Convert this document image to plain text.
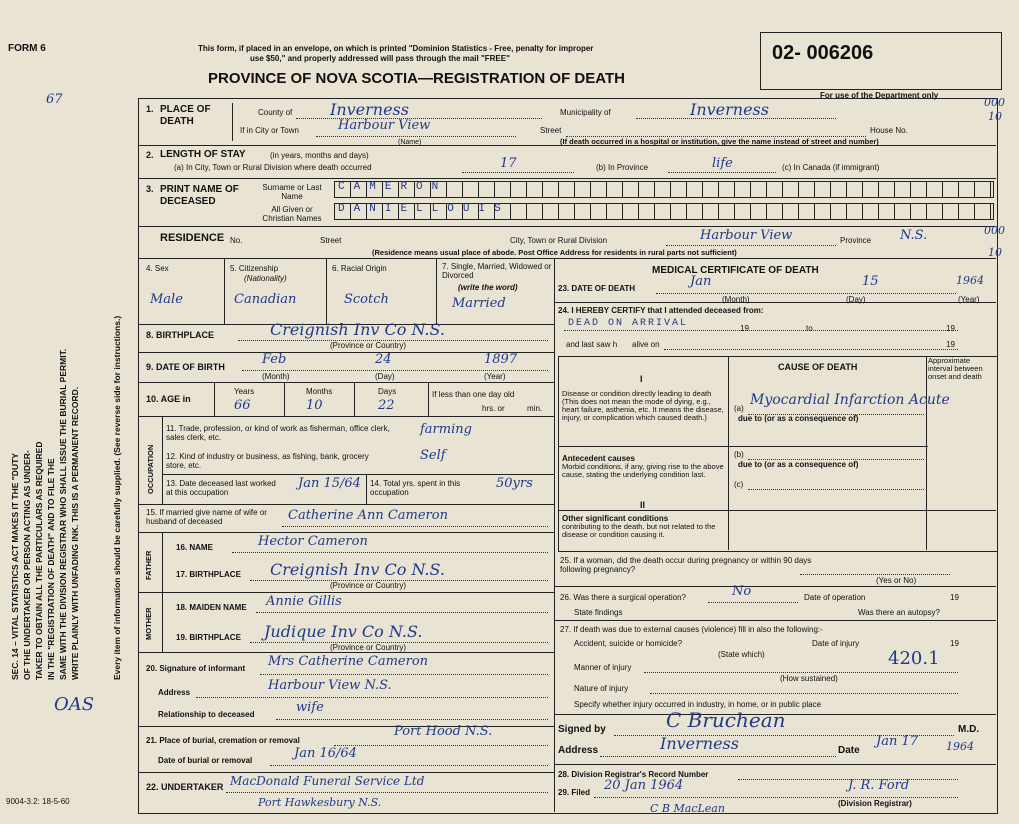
FORM 6	This form, if placed in an envelope, on which is printed "Dominion Statistics - Free, penalty for improper
use $50," and properly addressed will pass through the mail "FREE"
PROVINCE OF NOVA SCOTIA—REGISTRATION OF DEATH
02- 006206
For use of the Department only
67
SEC. 14 – VITAL STATISTICS ACT MAKES IT THE "DUTY OF THE UNDERTAKER OR PERSON ACTING AS UNDER- TAKER TO OBTAIN ALL THE PARTICULARS AS REQUIRED IN THE "REGISTRATION OF DEATH" AND TO FILE THE SAME WITH THE DIVISION REGISTRAR WHO SHALL ISSUE THE BURIAL PERMIT. WRITE PLAINLY WITH UNFADING INK. THIS IS A PERMANENT RECORD.	Every item of information should be carefully supplied. (See reverse side for instructions.)
1. PLACE OF DEATH
County of Inverness	Municipality of	Inverness
If in City or Town	Harbour View
(Name)
Street	House No.
(If death occurred in a hospital or institution, give the name instead of street and number)
2. LENGTH OF STAY	(in years, months and days)
(a) In City, Town or Rural Division where death occurred	17	(b) In Province	life	(c) In Canada (if immigrant)
3. PRINT NAME OF DECEASED
Surname or Last Name
All Given or Christian Names
CAMERON
DANIELLOUIS
RESIDENCE No.	Street	City, Town or Rural Division	Harbour View	Province N.S.
(Residence means usual place of abode. Post Office Address for residents in rural parts not sufficient)
4. Sex
Male
5. Citizenship
(Nationality)
Canadian
6. Racial Origin
Scotch
7. Single, Married, Widowed or Divorced
(write the word)
Married
8. BIRTHPLACE	Creignish Inv Co N.S.
(Province or Country)
9. DATE OF BIRTH	Feb	24	1897
(Month)	(Day)	(Year)
10. AGE in
Years	Months	Days
66	10	22
If less than one day old
hrs. or	min.
OCCUPATION
11. Trade, profession, or kind of work as fisherman, office clerk, sales clerk, etc.
farming
12. Kind of industry or business, as fishing, bank, grocery store, etc.
Self
13. Date deceased last worked at this occupation
Jan 15/64 14. Total yrs. spent in this occupation
50yrs
15. If married give name of wife or husband of deceased	Catherine Ann Cameron
FATHER
16. NAME	Hector Cameron
17. BIRTHPLACE Creignish Inv Co N.S.
(Province or Country)
MOTHER	18. MAIDEN NAME Annie Gillis
19. BIRTHPLACE Judique Inv Co N.S.
(Province or Country)
20. Signature of informant Mrs Catherine Cameron
Address	Harbour View N.S.
Relationship to deceased	wife
21. Place of burial, cremation or removal
Port Hood N.S.
Date of burial or removal	Jan 16/64
22. UNDERTAKER MacDonald Funeral Service Ltd
Port Hawkesbury N.S.
MEDICAL CERTIFICATE OF DEATH
23. DATE OF DEATH	Jan	15	1964
(Month)	(Day)	(Year)
24. I HEREBY CERTIFY that I attended deceased from:
DEAD ON ARRIVAL	19	to	19
and last saw h alive on	19
CAUSE OF DEATH
Approximate interval between onset and death
I
Disease or condition directly leading to death (This does not mean the mode of dying, e.g., heart failure, asthenia, etc. It means the disease, injury, or complication which caused death.)
(a)
Myocardial Infarction Acute
due to (or as a consequence of)
Antecedent causes
Morbid conditions, if any, giving rise to the above cause, stating the underlying condition last.
(b)
due to (or as a consequence of)
(c)
II
Other significant conditions
contributing to the death, but not related to the disease or condition causing it.
25. If a woman, did the death occur during pregnancy or within 90 days following pregnancy?
(Yes or No)
26. Was there a surgical operation?	No	Date of operation	19
State findings	Was there an autopsy?
27. If death was due to external causes (violence) fill in also the following:-
Accident, suicide or homicide?	Date of injury	19
(State which)
Manner of injury	420.1
(How sustained)
Nature of injury
Specify whether injury occurred in industry, in home, or in public place
Signed by	C Bruchean	M.D.
Address	Inverness	Date
Jan 17	1964
28. Division Registrar's Record Number
29. Filed 20 Jan 1964	J. R. Ford
(Division Registrar)
9004-3.2: 18-5-60
000
10
000
10
OAS
C B MacLean
